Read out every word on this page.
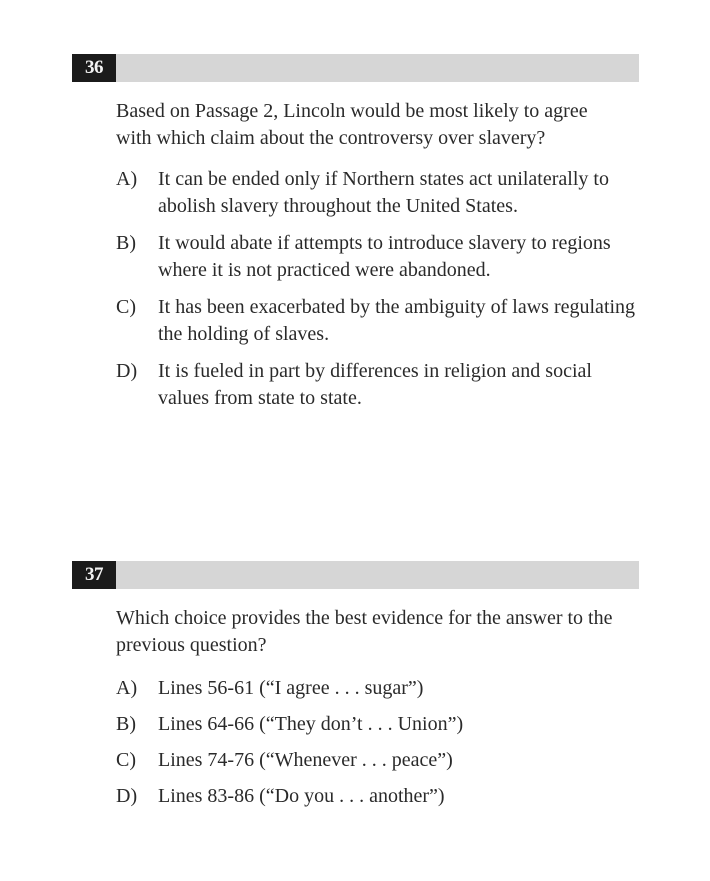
36

Based on Passage 2, Lincoln would be most likely to agree with which claim about the controversy over slavery?

A) It can be ended only if Northern states act unilaterally to abolish slavery throughout the United States.
B) It would abate if attempts to introduce slavery to regions where it is not practiced were abandoned.
C) It has been exacerbated by the ambiguity of laws regulating the holding of slaves.
D) It is fueled in part by differences in religion and social values from state to state.
37

Which choice provides the best evidence for the answer to the previous question?

A) Lines 56-61 (“I agree . . . sugar”)
B) Lines 64-66 (“They don’t . . . Union”)
C) Lines 74-76 (“Whenever . . . peace”)
D) Lines 83-86 (“Do you . . . another”)
